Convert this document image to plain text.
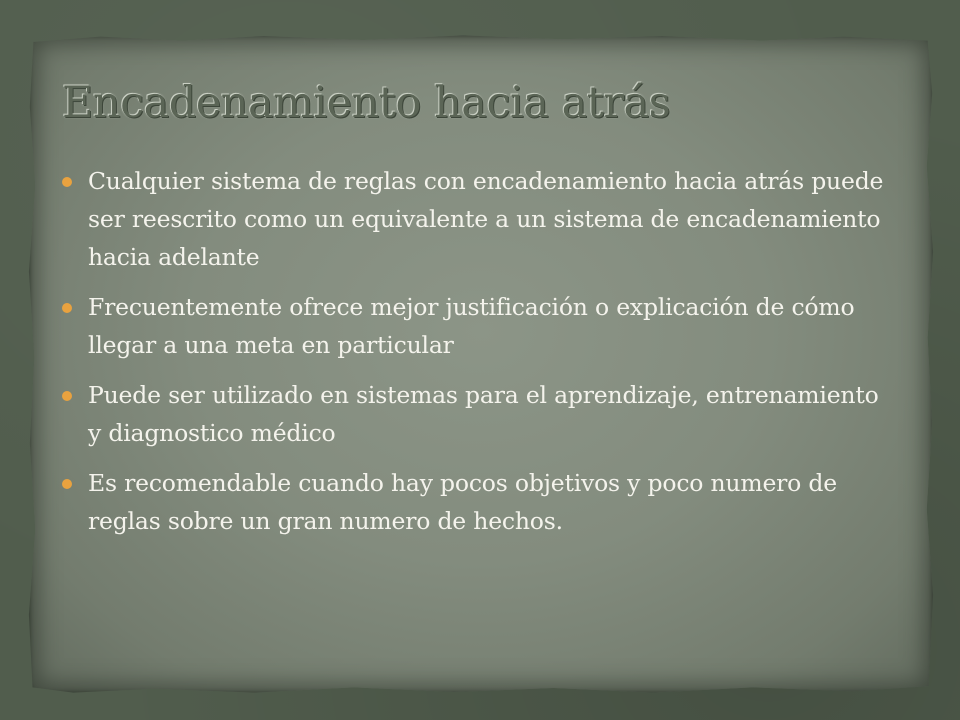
Encadenamiento hacia atrás
Cualquier sistema de reglas con encadenamiento hacia atrás puede ser reescrito como un equivalente a un sistema de encadenamiento hacia adelante
Frecuentemente ofrece mejor justificación o explicación de cómo llegar a una meta en particular
Puede ser utilizado en sistemas para el aprendizaje, entrenamiento y diagnostico médico
Es recomendable cuando hay pocos objetivos y poco numero de reglas sobre un gran numero de hechos.
